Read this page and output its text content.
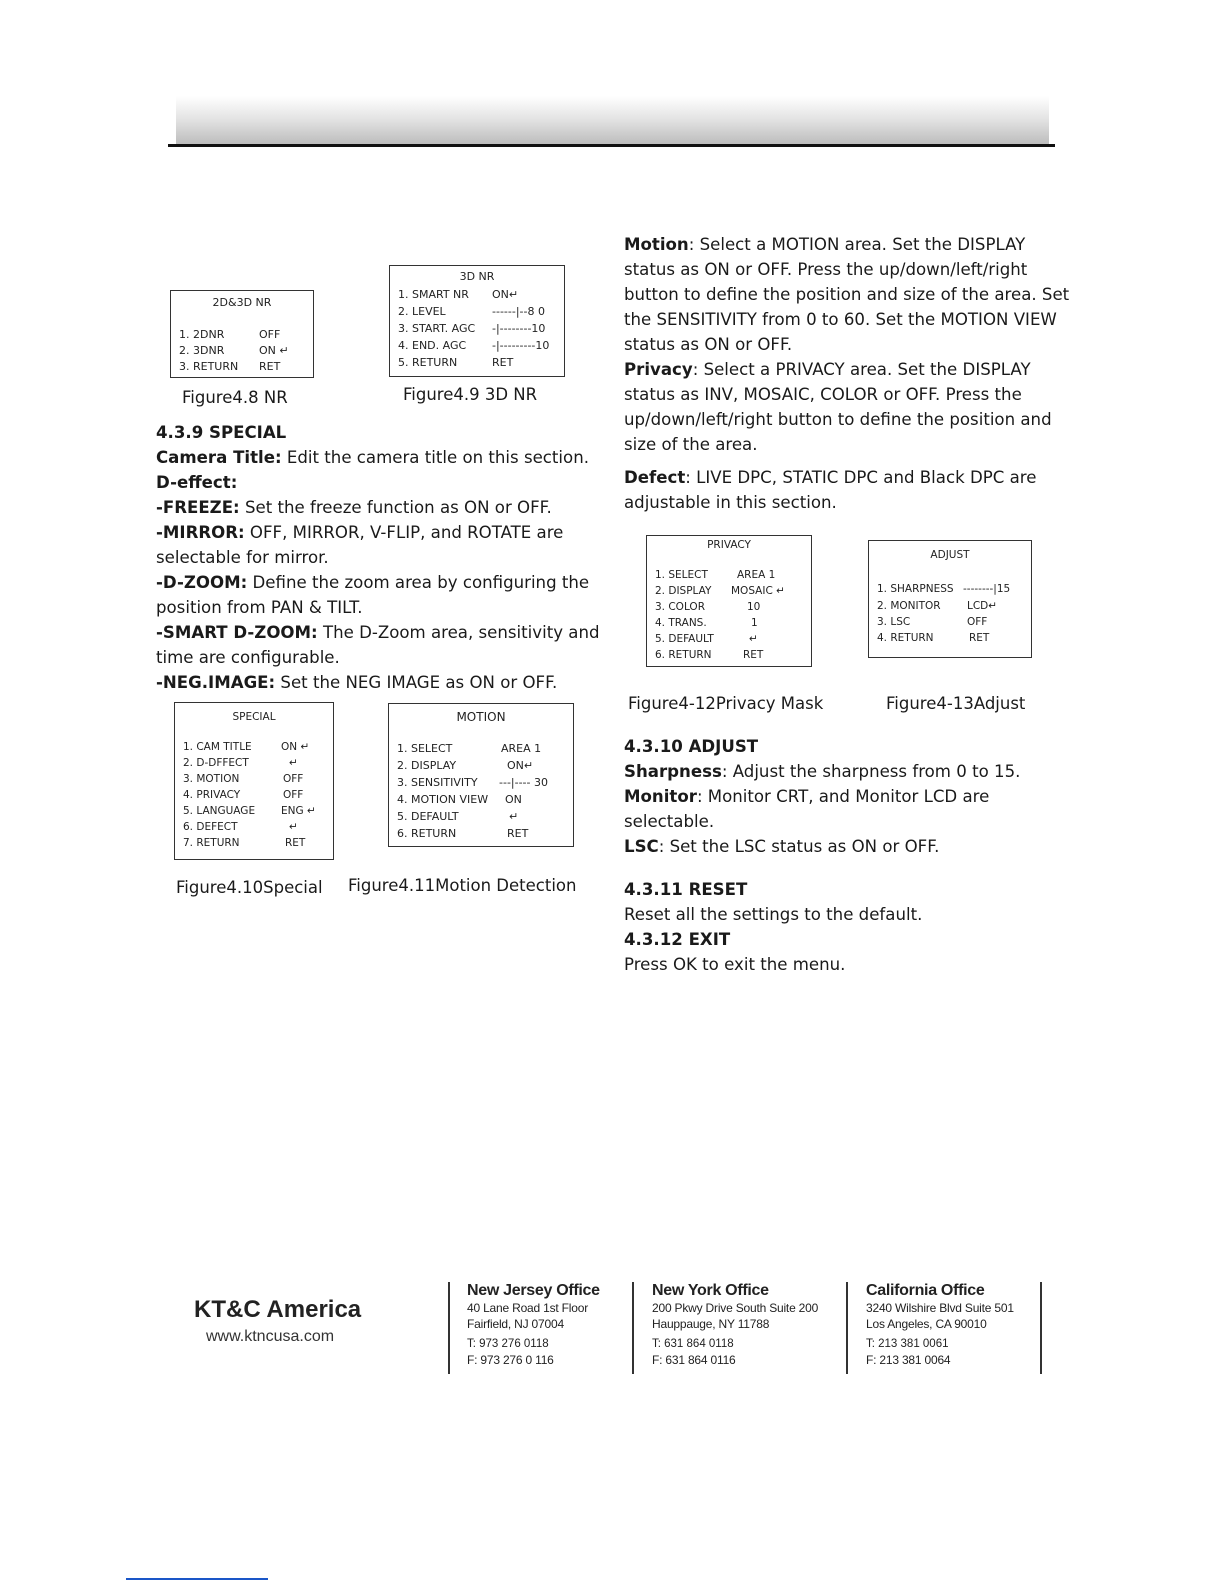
2D&3D NR
1. 2DNR	OFF
2. 3DNR	ON ↵
3. RETURN RET
3D NR
1. SMART NR ON↵
2. LEVEL	------|--8 0
3. START. AGC -|--------10
4. END. AGC -|---------10
5. RETURN	RET
Figure4.8 NR	Figure4.9 3D NR

4.3.9 SPECIAL

Camera Title: Edit the camera title on this section.

D-effect:

-FREEZE: Set the freeze function as ON or OFF.

-MIRROR: OFF, MIRROR, V-FLIP, and ROTATE are selectable for mirror.

-D-ZOOM: Define the zoom area by configuring the position from PAN & TILT.

-SMART D-ZOOM: The D-Zoom area, sensitivity and time are configurable.

-NEG.IMAGE: Set the NEG IMAGE as ON or OFF.

SPECIAL
1. CAM TITLE	ON ↵
2. D-DFFECT	↵
3. MOTION	OFF
4. PRIVACY	OFF
5. LANGUAGE ENG ↵
6. DEFECT	↵
7. RETURN	RET
MOTION
1. SELECT	AREA 1
2. DISPLAY	ON↵
3. SENSITIVITY ---|---- 30
4. MOTION VIEW ON
5. DEFAULT	↵
6. RETURN	RET
Figure4.10Special Figure4.11Motion Detection

Motion: Select a MOTION area. Set the DISPLAY status as ON or OFF. Press the up/down/left/right button to define the position and size of the area. Set the SENSITIVITY from 0 to 60. Set the MOTION VIEW status as ON or OFF.

Privacy: Select a PRIVACY area. Set the DISPLAY status as INV, MOSAIC, COLOR or OFF. Press the up/down/left/right button to define the position and size of the area.

Defect: LIVE DPC, STATIC DPC and Black DPC are adjustable in this section.

PRIVACY
1. SELECT	AREA 1
2. DISPLAY MOSAIC ↵
3. COLOR	10
4. TRANS.	1
5. DEFAULT	↵
6. RETURN	RET
ADJUST
1. SHARPNESS --------|15
2. MONITOR	LCD↵
3. LSC	OFF
4. RETURN	RET
Figure4-12Privacy Mask	Figure4-13Adjust

4.3.10 ADJUST

Sharpness: Adjust the sharpness from 0 to 15.

Monitor: Monitor CRT, and Monitor LCD are selectable.

LSC: Set the LSC status as ON or OFF.

4.3.11 RESET

Reset all the settings to the default.

4.3.12 EXIT

Press OK to exit the menu.

KT&C America
www.ktncusa.com
New Jersey Office
40 Lane Road 1st Floor
Fairfield, NJ 07004
T: 973 276 0118
F: 973 276 0 116
New York Office
200 Pkwy Drive South Suite 200
Hauppauge, NY 11788
T: 631 864 0118
F: 631 864 0116
California Office
3240 Wilshire Blvd Suite 501
Los Angeles, CA 90010
T: 213 381 0061
F: 213 381 0064
